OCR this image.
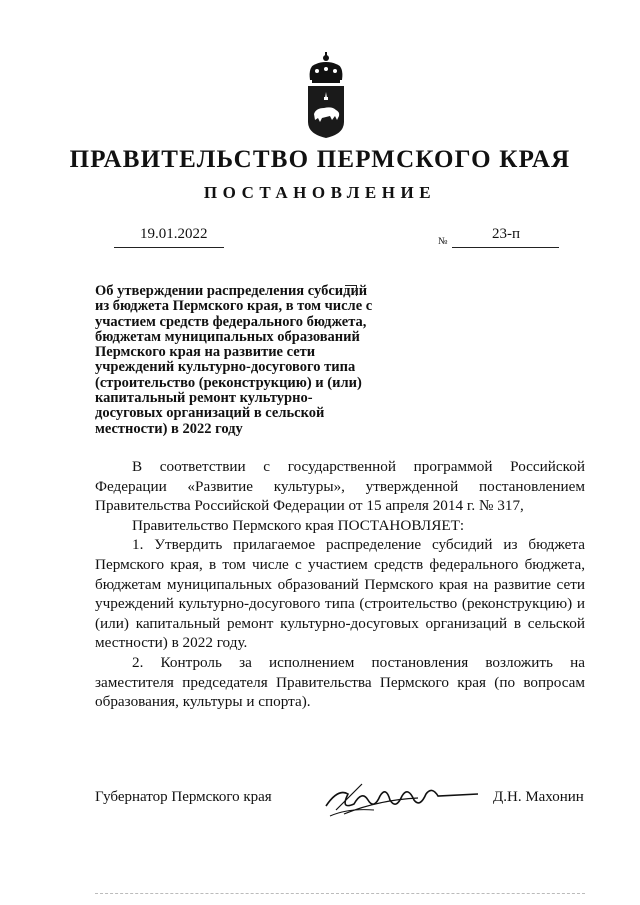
ПРАВИТЕЛЬСТВО ПЕРМСКОГО КРАЯ
ПОСТАНОВЛЕНИЕ
19.01.2022	№	23-п
Об утверждении распределения субсидий из бюджета Пермского края, в том числе с участием средств федерального бюджета, бюджетам муниципальных образований Пермского края на развитие сети учреждений культурно-досугового типа (строительство (реконструкцию) и (или) капитальный ремонт культурно-досуговых организаций в сельской местности) в 2022 году

В соответствии с государственной программой Российской Федерации «Развитие культуры», утвержденной постановлением Правительства Российской Федерации от 15 апреля 2014 г. № 317,

Правительство Пермского края ПОСТАНОВЛЯЕТ:

1. Утвердить прилагаемое распределение субсидий из бюджета Пермского края, в том числе с участием средств федерального бюджета, бюджетам муниципальных образований Пермского края на развитие сети учреждений культурно-досугового типа (строительство (реконструкцию) и (или) капитальный ремонт культурно-досуговых организаций в сельской местности) в 2022 году.

2. Контроль за исполнением постановления возложить на заместителя председателя Правительства Пермского края (по вопросам образования, культуры и спорта).

Губернатор Пермского края	Д.Н. Махонин
